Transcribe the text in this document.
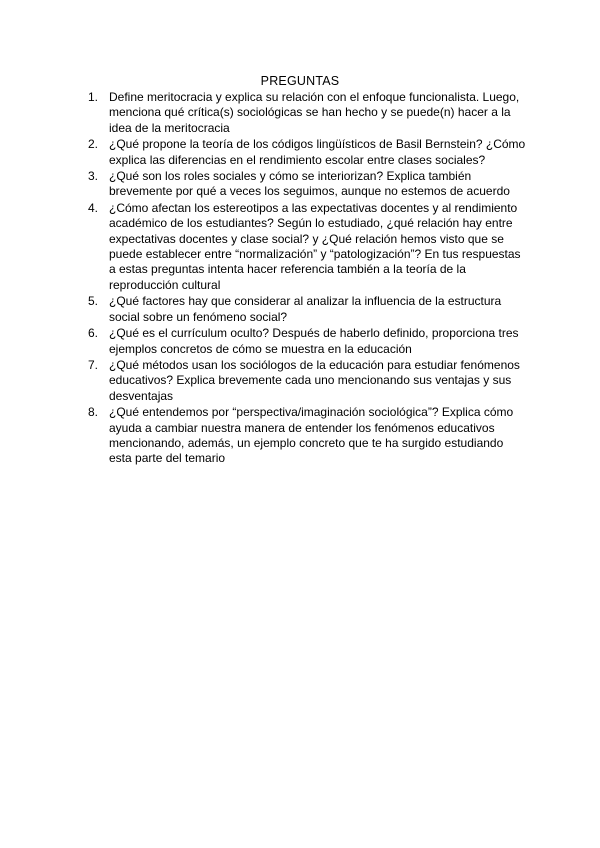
PREGUNTAS
1. Define meritocracia y explica su relación con el enfoque funcionalista. Luego, menciona qué crítica(s) sociológicas se han hecho y se puede(n) hacer a la idea de la meritocracia
2. ¿Qué propone la teoría de los códigos lingüísticos de Basil Bernstein? ¿Cómo explica las diferencias en el rendimiento escolar entre clases sociales?
3. ¿Qué son los roles sociales y cómo se interiorizan? Explica también brevemente por qué a veces los seguimos, aunque no estemos de acuerdo
4. ¿Cómo afectan los estereotipos a las expectativas docentes y al rendimiento académico de los estudiantes? Según lo estudiado, ¿qué relación hay entre expectativas docentes y clase social? y ¿Qué relación hemos visto que se puede establecer entre “normalización” y “patologización”? En tus respuestas a estas preguntas intenta hacer referencia también a la teoría de la reproducción cultural
5. ¿Qué factores hay que considerar al analizar la influencia de la estructura social sobre un fenómeno social?
6. ¿Qué es el currículum oculto? Después de haberlo definido, proporciona tres ejemplos concretos de cómo se muestra en la educación
7. ¿Qué métodos usan los sociólogos de la educación para estudiar fenómenos educativos? Explica brevemente cada uno mencionando sus ventajas y sus desventajas
8. ¿Qué entendemos por “perspectiva/imaginación sociológica”? Explica cómo ayuda a cambiar nuestra manera de entender los fenómenos educativos mencionando, además, un ejemplo concreto que te ha surgido estudiando esta parte del temario
